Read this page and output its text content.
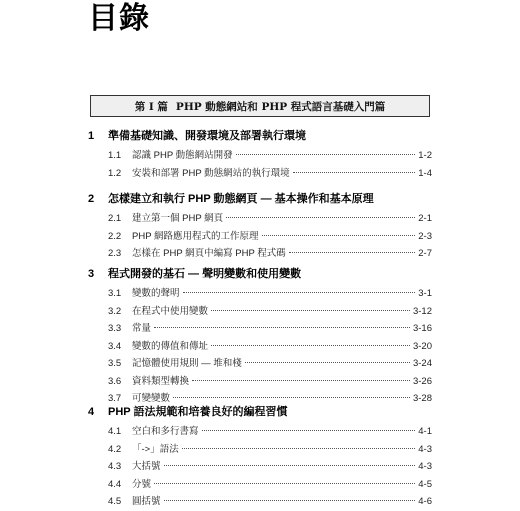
目錄
第 I 篇 PHP 動態網站和 PHP 程式語言基礎入門篇
1	準備基礎知識、開發環境及部署執行環境
1.1	認識 PHP 動態網站開發	1-2
1.2	安裝和部署 PHP 動態網站的執行環境	1-4
2	怎樣建立和執行 PHP 動態網頁 — 基本操作和基本原理
2.1	建立第一個 PHP 網頁	2-1
2.2	PHP 網路應用程式的工作原理	2-3
2.3	怎樣在 PHP 網頁中編寫 PHP 程式碼	2-7
3	程式開發的基石 — 聲明變數和使用變數
3.1	變數的聲明	3-1
3.2	在程式中使用變數	3-12
3.3	常量	3-16
3.4	變數的傳值和傳址	3-20
3.5	記憶體使用規則 — 堆和棧	3-24
3.6	資料類型轉換	3-26
3.7	可變變數	3-28
4	PHP 語法規範和培養良好的編程習慣
4.1	空白和多行書寫	4-1
4.2	「->」語法	4-3
4.3	大括號	4-3
4.4	分號	4-5
4.5	圓括號	4-6
